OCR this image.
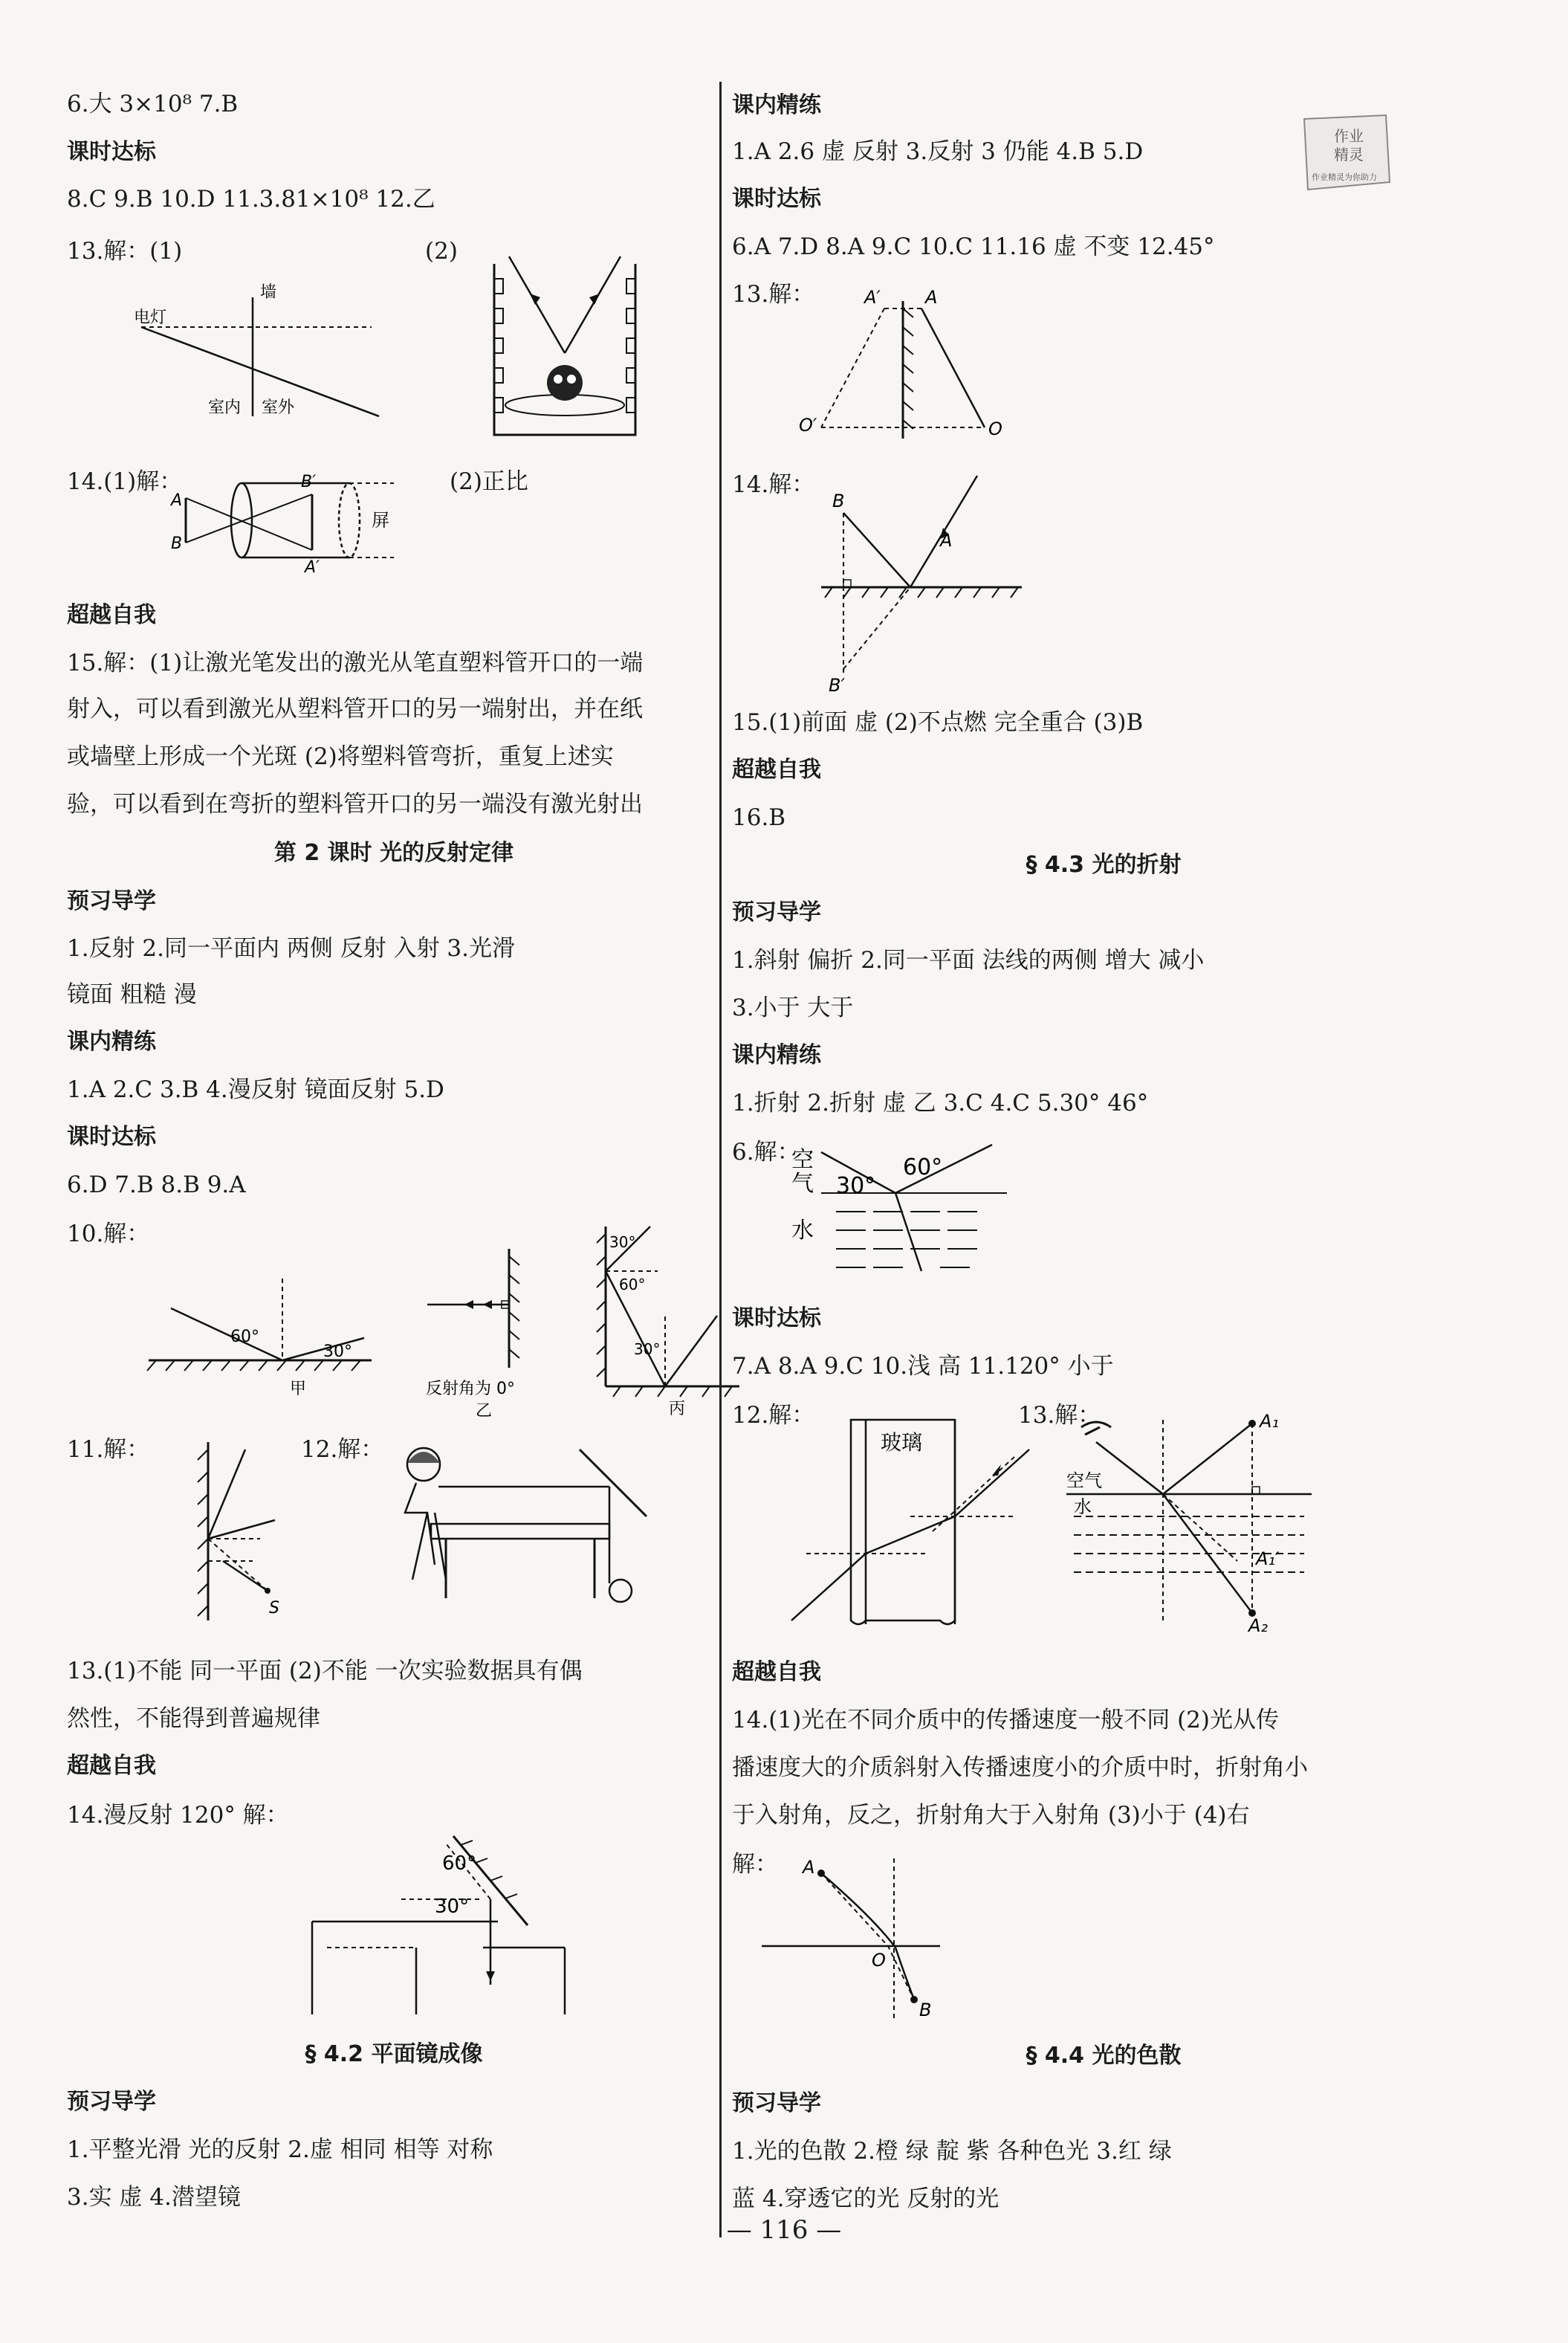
6.大 3×10⁸ 7.B
课时达标
8.C 9.B 10.D 11.3.81×10⁸ 12.乙
13.解：(1)	(2)
墙
电灯
室内 室外
14.(1)解：	(2)正比
A
B
B′
A′
屏
超越自我
15.解：(1)让激光笔发出的激光从笔直塑料管开口的一端
射入，可以看到激光从塑料管开口的另一端射出，并在纸
或墙壁上形成一个光斑 (2)将塑料管弯折，重复上述实
验，可以看到在弯折的塑料管开口的另一端没有激光射出
第 2 课时 光的反射定律
预习导学
1.反射 2.同一平面内 两侧 反射 入射 3.光滑
镜面 粗糙 漫
课内精练
1.A 2.C 3.B 4.漫反射 镜面反射 5.D
课时达标
6.D 7.B 8.B 9.A
10.解：
60°
30°
甲	反射角为 0°
乙
30°
60°
30°
丙
11.解：	12.解：
S
13.(1)不能 同一平面 (2)不能 一次实验数据具有偶
然性，不能得到普遍规律
超越自我
14.漫反射 120° 解：
60°
30°
§ 4.2 平面镜成像
预习导学
1.平整光滑 光的反射 2.虚 相同 相等 对称
3.实 虚 4.潜望镜
课内精练
1.A 2.6 虚 反射 3.反射 3 仍能 4.B 5.D
课时达标
6.A 7.D 8.A 9.C 10.C 11.16 虚 不变 12.45°
13.解：	A′	A
O′	O
14.解：
B
A
B′
15.(1)前面 虚 (2)不点燃 完全重合 (3)B
超越自我
16.B
§ 4.3 光的折射
预习导学
1.斜射 偏折 2.同一平面 法线的两侧 增大 减小
3.小于 大于
课内精练
1.折射 2.折射 虚 乙 3.C 4.C 5.30° 46°
6.解：
空
气 30°
60°
水
课时达标
7.A 8.A 9.C 10.浅 高 11.120° 小于
12.解：	13.解：
玻璃
A₁
空气
水
A₁′
A₂
超越自我
14.(1)光在不同介质中的传播速度一般不同 (2)光从传
播速度大的介质斜射入传播速度小的介质中时，折射角小
于入射角，反之，折射角大于入射角 (3)小于 (4)右
解： A
O
B
§ 4.4 光的色散
预习导学
1.光的色散 2.橙 绿 靛 紫 各种色光 3.红 绿
蓝 4.穿透它的光 反射的光
作业
精灵
作业精灵为你助力
— 116 —
